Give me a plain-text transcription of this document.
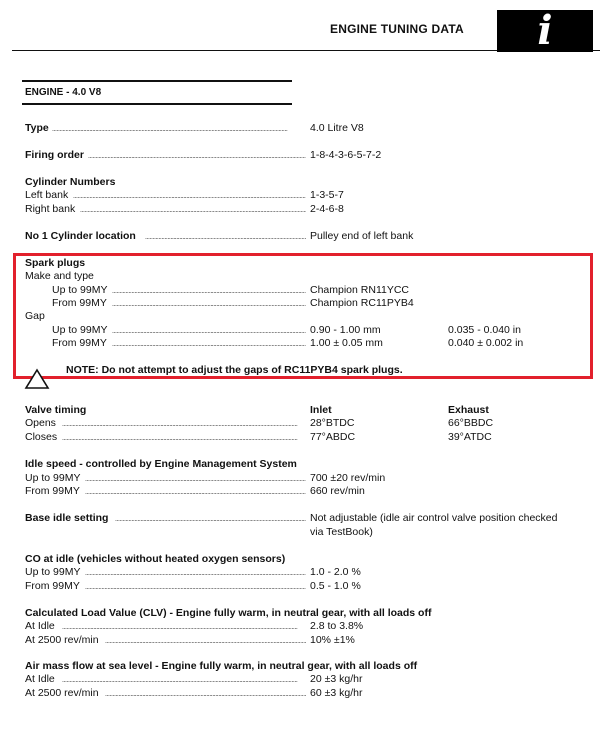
ENGINE TUNING DATA	i
ENGINE - 4.0 V8
Type . . .	4.0 Litre V8
Firing order . . .	1-8-4-3-6-5-7-2
Cylinder Numbers
Left bank . . .	1-3-5-7
Right bank . . .	2-4-6-8
No 1 Cylinder location . . .	Pulley end of left bank
Spark plugs
Make and type
Up to 99MY . . .	Champion RN11YCC
From 99MY . . .	Champion RC11PYB4
Gap
Up to 99MY . . .	0.90 - 1.00 mm	0.035 - 0.040 in
From 99MY . . .	1.00 ± 0.05 mm	0.040 ± 0.002 in
NOTE: Do not attempt to adjust the gaps of RC11PYB4 spark plugs.
Valve timing	Inlet	Exhaust
Opens . . .	28°BTDC	66°BBDC
Closes . . .	77°ABDC	39°ATDC
Idle speed - controlled by Engine Management System
Up to 99MY . . .	700 ±20 rev/min
From 99MY . . .	660 rev/min
Base idle setting . . .	Not adjustable (idle air control valve position checked
via TestBook)
CO at idle (vehicles without heated oxygen sensors)
Up to 99MY . . .	1.0 - 2.0 %
From 99MY . . .	0.5 - 1.0 %
Calculated Load Value (CLV) - Engine fully warm, in neutral gear, with all loads off
At Idle . . .	2.8 to 3.8%
At 2500 rev/min . . .	10% ±1%
Air mass flow at sea level - Engine fully warm, in neutral gear, with all loads off
At Idle . . .	20 ±3 kg/hr
At 2500 rev/min . . .	60 ±3 kg/hr
